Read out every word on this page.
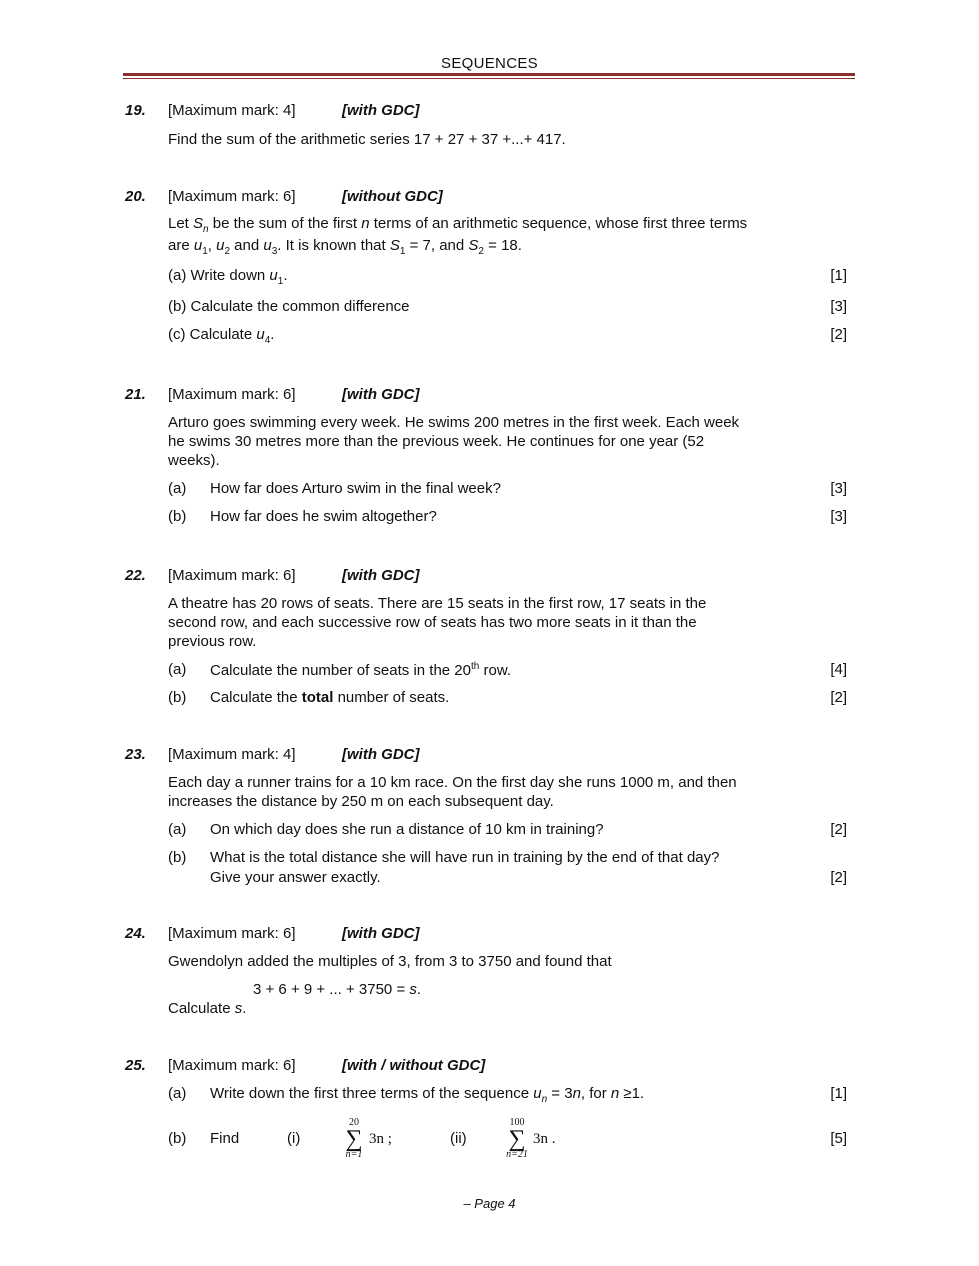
SEQUENCES
19. [Maximum mark: 4]	[with GDC]
Find the sum of the arithmetic series 17 + 27 + 37 +...+ 417.
20. [Maximum mark: 6]	[without GDC]
Let $S_n$ be the sum of the first n terms of an arithmetic sequence, whose first three terms
are $u_1$, $u_2$ and $u_3$. It is known that $S_1 = 7$, and $S_2 = 18$.
(a) Write down $u_1$.	[1]
(b) Calculate the common difference	[3]
(c) Calculate $u_4$.	[2]
21. [Maximum mark: 6]	[with GDC]
Arturo goes swimming every week. He swims 200 metres in the first week. Each week
he swims 30 metres more than the previous week. He continues for one year (52
weeks).
(a) How far does Arturo swim in the final week?	[3]
(b) How far does he swim altogether?	[3]
22. [Maximum mark: 6]	[with GDC]
A theatre has 20 rows of seats. There are 15 seats in the first row, 17 seats in the
second row, and each successive row of seats has two more seats in it than the
previous row.
(a) Calculate the number of seats in the 20th row.	[4]
(b) Calculate the total number of seats.	[2]
23. [Maximum mark: 4]	[with GDC]
Each day a runner trains for a 10 km race. On the first day she runs 1000 m, and then
increases the distance by 250 m on each subsequent day.
(a) On which day does she run a distance of 10 km in training?	[2]
(b) What is the total distance she will have run in training by the end of that day?
Give your answer exactly.	[2]
24. [Maximum mark: 6]	[with GDC]
Gwendolyn added the multiples of 3, from 3 to 3750 and found that
3 + 6 + 9 + ... + 3750 = s.
Calculate s.
25. [Maximum mark: 6]	[with / without GDC]
(a) Write down the first three terms of the sequence $u_n = 3n$, for n ≥1.	[1]
(b) Find	(i)
20
∑
n=1
3n ;	(ii)
100
∑
n=21
3n .	[5]
– Page 4
